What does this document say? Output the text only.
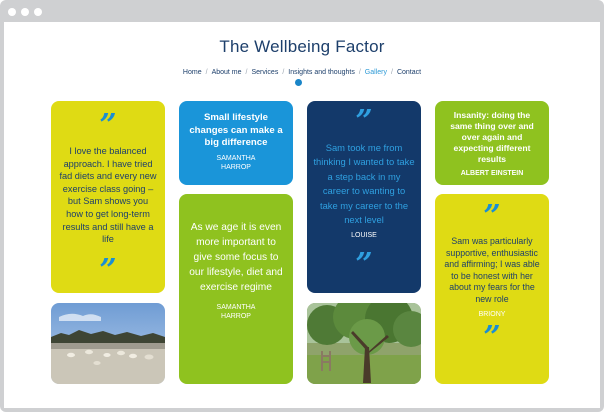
The Wellbeing Factor
Home / About me / Services / Insights and thoughts / Gallery / Contact
”
I love the balanced approach. I have tried fad diets and every new exercise class going – but Sam shows you how to get long-term results and still have a life
”
Small lifestyle changes can make a big difference
SAMANTHA HARROP
As we age it is even more important to give some focus to our lifestyle, diet and exercise regime
SAMANTHA HARROP
”
Sam took me from thinking I wanted to take a step back in my career to wanting to take my career to the next level
LOUISE
”
Insanity: doing the same thing over and over again and expecting different results
ALBERT EINSTEIN
”
Sam was particularly supportive, enthusiastic and affirming; I was able to be honest with her about my fears for the new role
BRIONY
”
